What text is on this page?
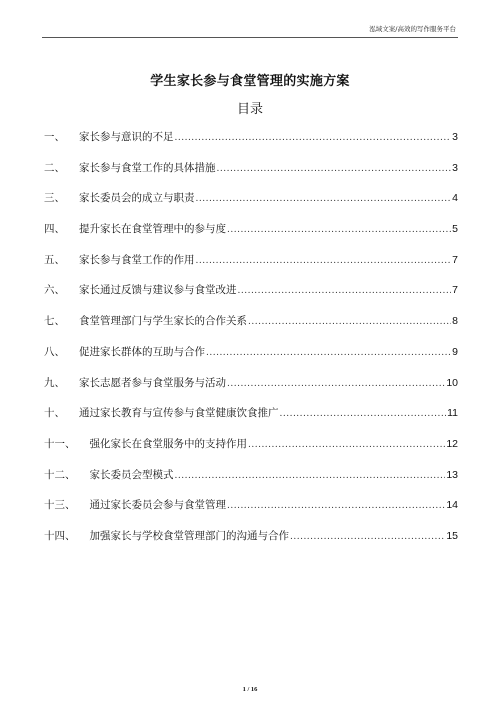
泓域文案/高效的写作服务平台
学生家长参与食堂管理的实施方案
目录
一、 家长参与意识的不足 .....	3
二、 家长参与食堂工作的具体措施 .....	3
三、 家长委员会的成立与职责 .....	4
四、 提升家长在食堂管理中的参与度 .....	5
五、 家长参与食堂工作的作用 .....	7
六、 家长通过反馈与建议参与食堂改进 .....	7
七、 食堂管理部门与学生家长的合作关系 .....	8
八、 促进家长群体的互助与合作 .....	9
九、 家长志愿者参与食堂服务与活动 .....	10
十、 通过家长教育与宣传参与食堂健康饮食推广 .....	11
十一、 强化家长在食堂服务中的支持作用 .....	12
十二、 家长委员会型模式 .....	13
十三、 通过家长委员会参与食堂管理 .....	14
十四、 加强家长与学校食堂管理部门的沟通与合作 .....	15
1 / 16
